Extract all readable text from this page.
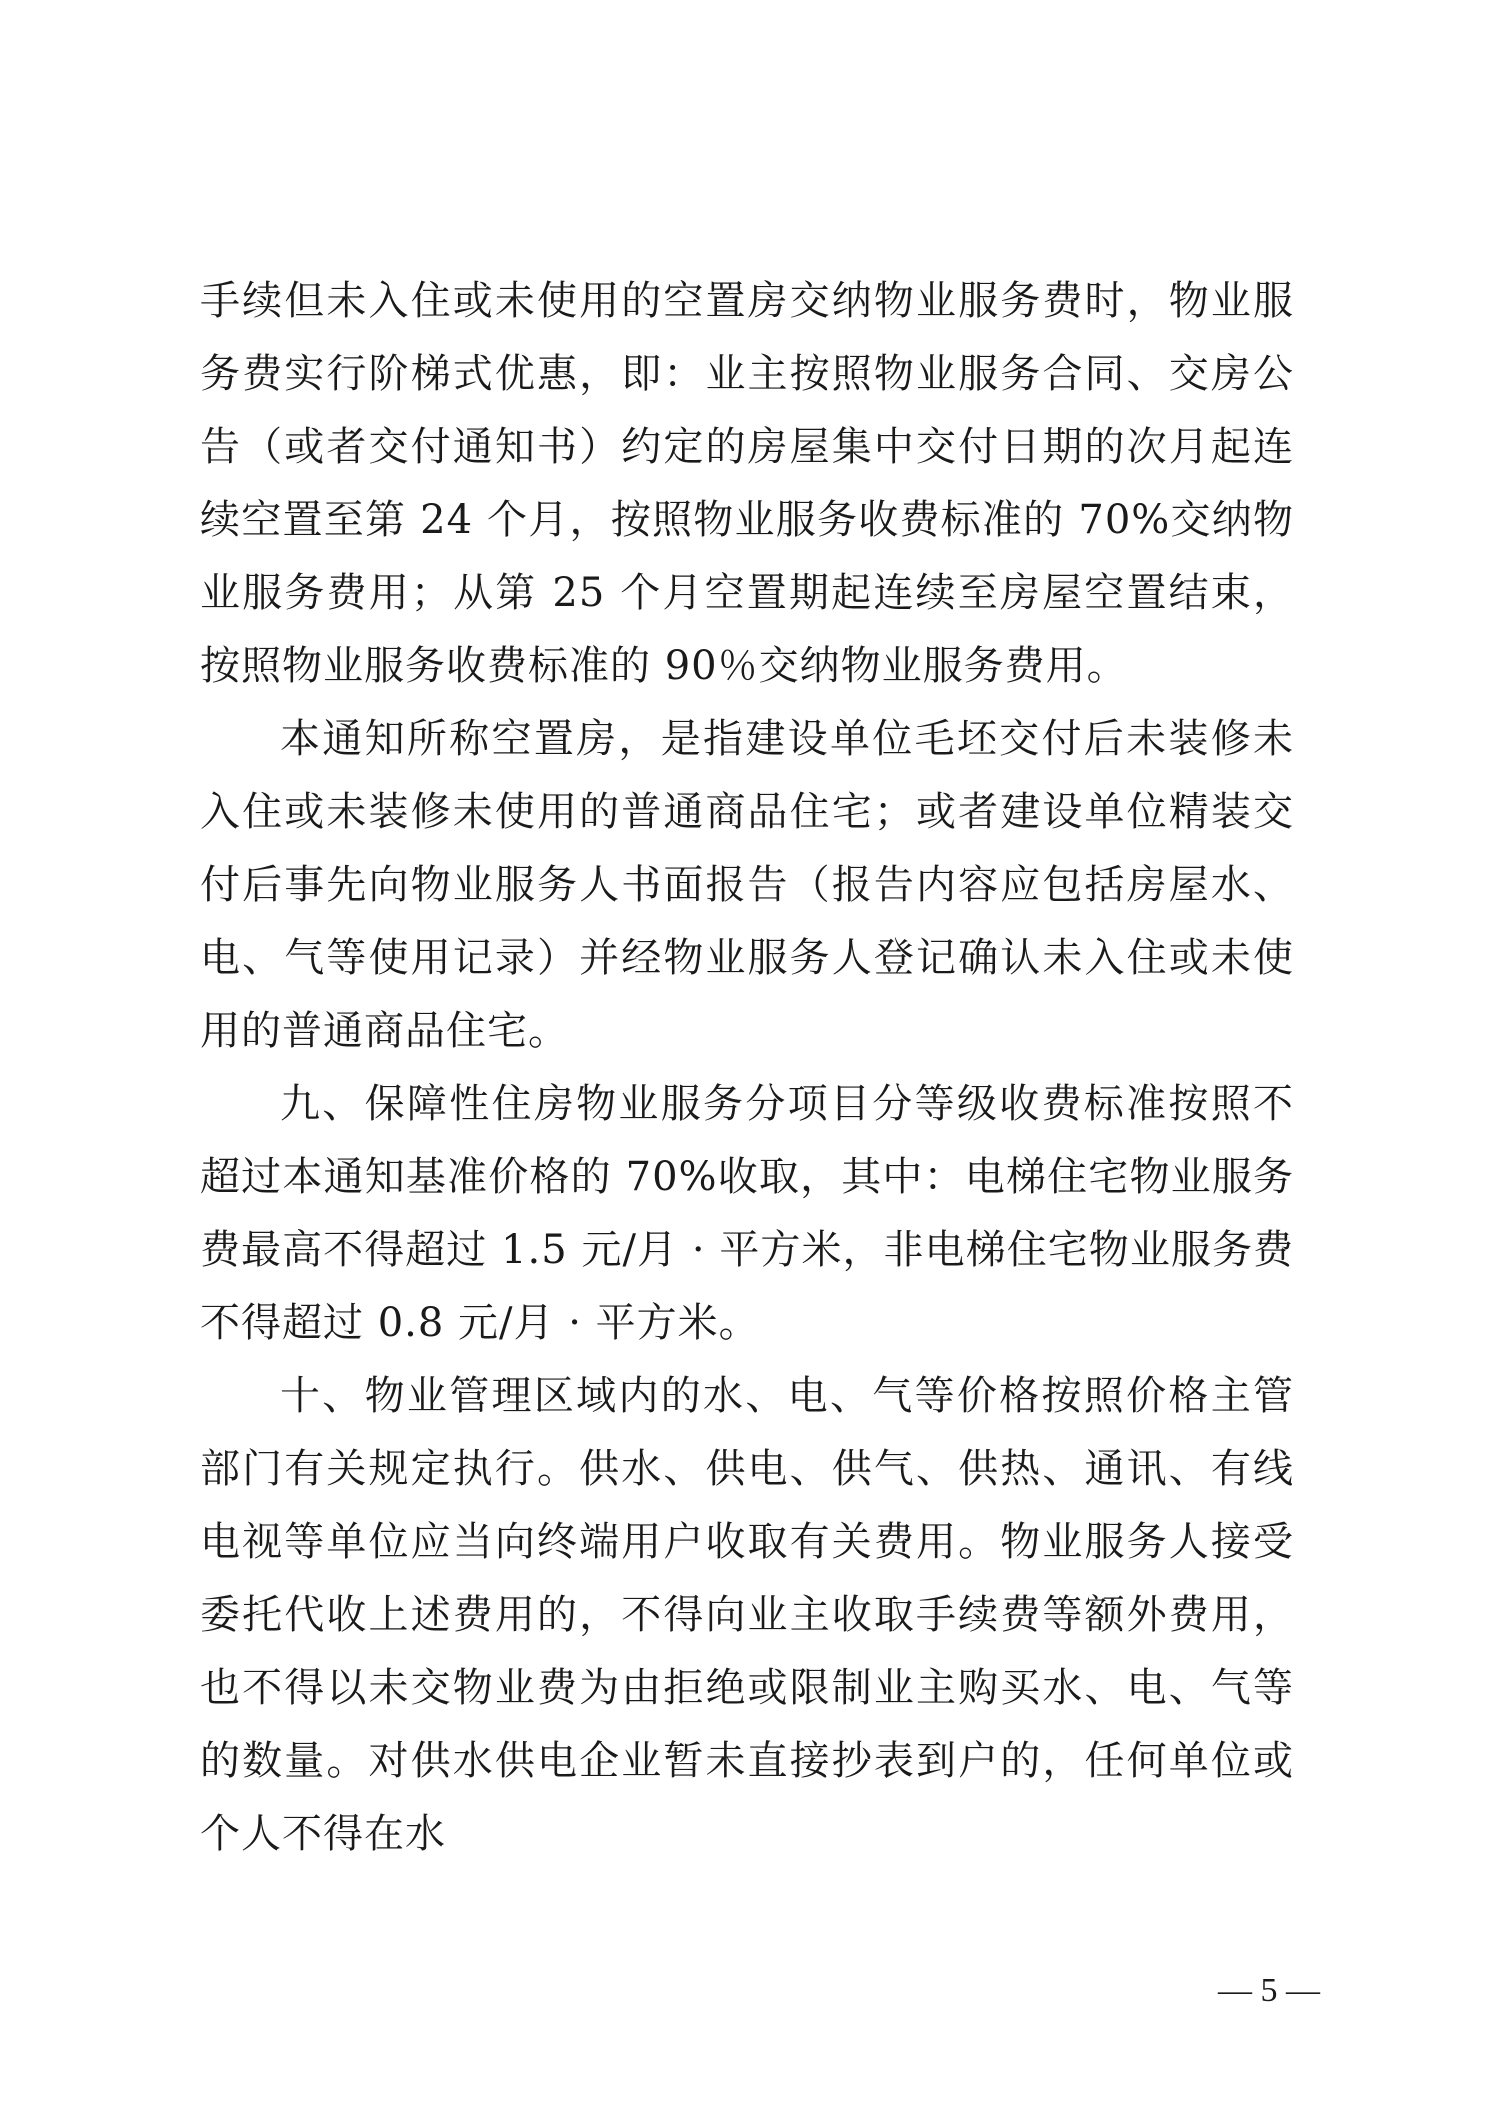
手续但未入住或未使用的空置房交纳物业服务费时，物业服务费实行阶梯式优惠，即：业主按照物业服务合同、交房公告（或者交付通知书）约定的房屋集中交付日期的次月起连续空置至第 24 个月，按照物业服务收费标准的 70%交纳物业服务费用；从第 25 个月空置期起连续至房屋空置结束，按照物业服务收费标准的 90％交纳物业服务费用。

本通知所称空置房，是指建设单位毛坯交付后未装修未入住或未装修未使用的普通商品住宅；或者建设单位精装交付后事先向物业服务人书面报告（报告内容应包括房屋水、电、气等使用记录）并经物业服务人登记确认未入住或未使用的普通商品住宅。

九、保障性住房物业服务分项目分等级收费标准按照不超过本通知基准价格的 70%收取，其中：电梯住宅物业服务费最高不得超过 1.5 元/月 · 平方米，非电梯住宅物业服务费不得超过 0.8 元/月 · 平方米。

十、物业管理区域内的水、电、气等价格按照价格主管部门有关规定执行。供水、供电、供气、供热、通讯、有线电视等单位应当向终端用户收取有关费用。物业服务人接受委托代收上述费用的，不得向业主收取手续费等额外费用，也不得以未交物业费为由拒绝或限制业主购买水、电、气等的数量。对供水供电企业暂未直接抄表到户的，任何单位或个人不得在水

— 5 —
